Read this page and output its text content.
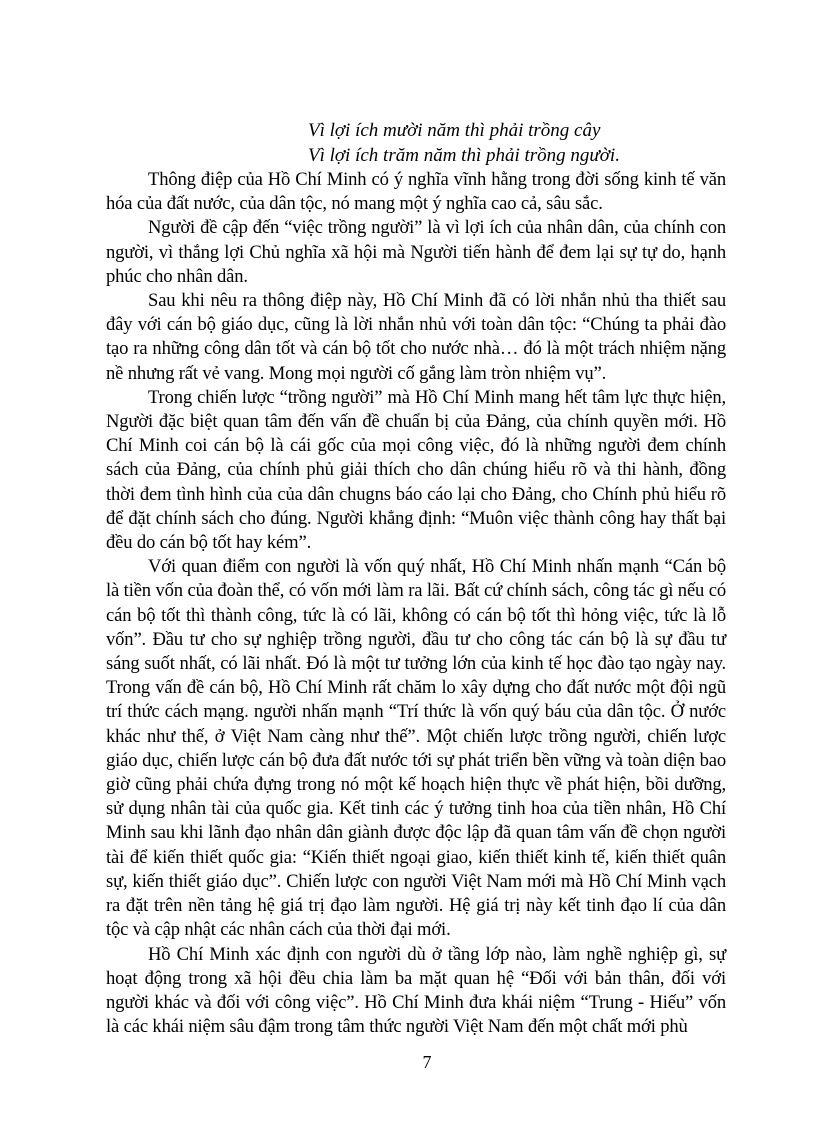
Vì lợi ích mười năm thì phải trồng cây
Vì lợi ích trăm năm thì phải trồng người.

Thông điệp của Hồ Chí Minh có ý nghĩa vĩnh hằng trong đời sống kinh tế văn hóa của đất nước, của dân tộc, nó mang một ý nghĩa cao cả, sâu sắc.

Người đề cập đến “việc trồng người” là vì lợi ích của nhân dân, của chính con người, vì thắng lợi Chủ nghĩa xã hội mà Người tiến hành để đem lại sự tự do, hạnh phúc cho nhân dân.

Sau khi nêu ra thông điệp này, Hồ Chí Minh đã có lời nhắn nhủ tha thiết sau đây với cán bộ giáo dục, cũng là lời nhắn nhủ với toàn dân tộc: “Chúng ta phải đào tạo ra những công dân tốt và cán bộ tốt cho nước nhà… đó là một trách nhiệm nặng nề nhưng rất vẻ vang. Mong mọi người cố gắng làm tròn nhiệm vụ”.

Trong chiến lược “trồng người” mà Hồ Chí Minh mang hết tâm lực thực hiện, Người đặc biệt quan tâm đến vấn đề chuẩn bị của Đảng, của chính quyền mới. Hồ Chí Minh coi cán bộ là cái gốc của mọi công việc, đó là những người đem chính sách của Đảng, của chính phủ giải thích cho dân chúng hiểu rõ và thi hành, đồng thời đem tình hình của của dân chugns báo cáo lại cho Đảng, cho Chính phủ hiểu rõ để đặt chính sách cho đúng. Người khẳng định: “Muôn việc thành công hay thất bại đều do cán bộ tốt hay kém”.

Với quan điểm con người là vốn quý nhất, Hồ Chí Minh nhấn mạnh “Cán bộ là tiền vốn của đoàn thể, có vốn mới làm ra lãi. Bất cứ chính sách, công tác gì nếu có cán bộ tốt thì thành công, tức là có lãi, không có cán bộ tốt thì hỏng việc, tức là lỗ vốn”. Đầu tư cho sự nghiệp trồng người, đầu tư cho công tác cán bộ là sự đầu tư sáng suốt nhất, có lãi nhất. Đó là một tư tưởng lớn của kinh tế học đào tạo ngày nay. Trong vấn đề cán bộ, Hồ Chí Minh rất chăm lo xây dựng cho đất nước một đội ngũ trí thức cách mạng. người nhấn mạnh “Trí thức là vốn quý báu của dân tộc. Ở nước khác như thế, ở Việt Nam càng như thế”. Một chiến lược trồng người, chiến lược giáo dục, chiến lược cán bộ đưa đất nước tới sự phát triển bền vững và toàn diện bao giờ cũng phải chứa đựng trong nó một kế hoạch hiện thực về phát hiện, bồi dưỡng, sử dụng nhân tài của quốc gia. Kết tinh các ý tưởng tinh hoa của tiền nhân, Hồ Chí Minh sau khi lãnh đạo nhân dân giành được độc lập đã quan tâm vấn đề chọn người tài để kiến thiết quốc gia: “Kiến thiết ngoại giao, kiến thiết kinh tế, kiến thiết quân sự, kiến thiết giáo dục”. Chiến lược con người Việt Nam mới mà Hồ Chí Minh vạch ra đặt trên nền tảng hệ giá trị đạo làm người. Hệ giá trị này kết tinh đạo lí của dân tộc và cập nhật các nhân cách của thời đại mới.

Hồ Chí Minh xác định con người dù ở tầng lớp nào, làm nghề nghiệp gì, sự hoạt động trong xã hội đều chia làm ba mặt quan hệ “Đối với bản thân, đối với người khác và đối với công việc”. Hồ Chí Minh đưa khái niệm “Trung - Hiếu” vốn là các khái niệm sâu đậm trong tâm thức người Việt Nam đến một chất mới phù

7
